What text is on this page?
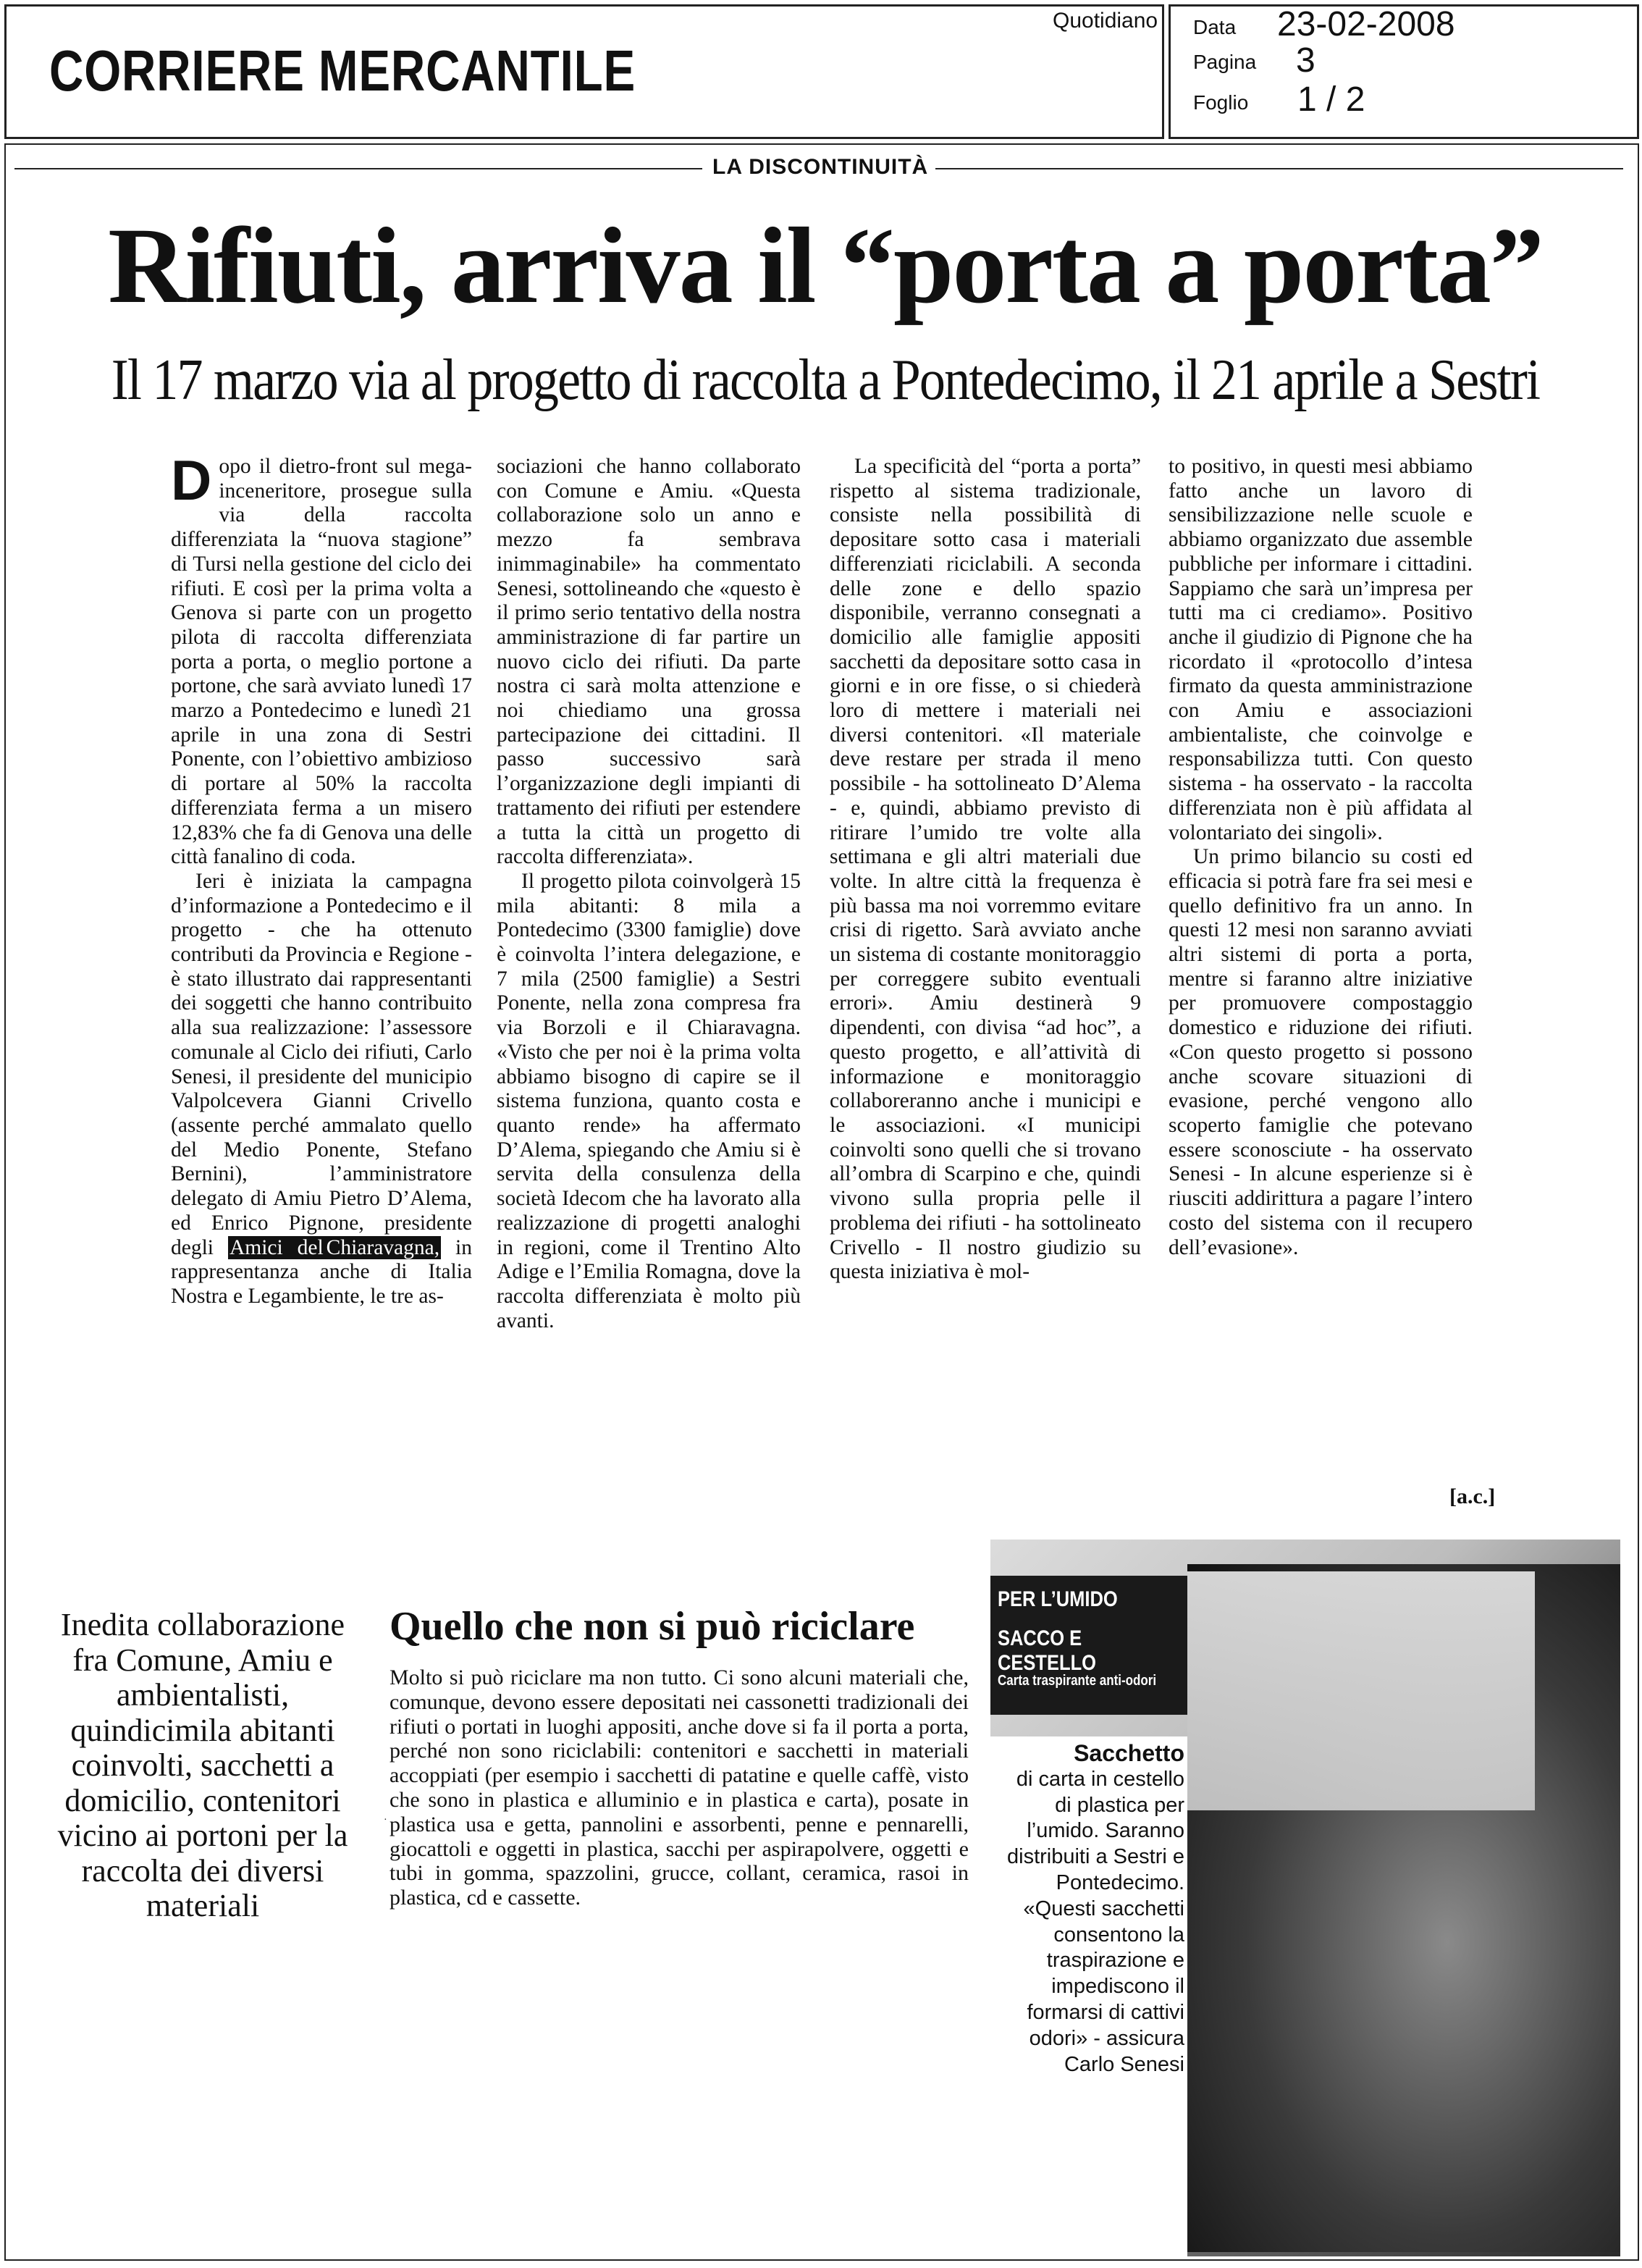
CORRIERE MERCANTILE
Quotidiano Data 23-02-2008
Pagina 3
Foglio 1 / 2
LA DISCONTINUITÀ
Rifiuti, arriva il “porta a porta”
Il 17 marzo via al progetto di raccolta a Pontedecimo, il 21 aprile a Sestri

Dopo il dietro-front sul mega-inceneritore, prosegue sulla via della raccolta differenziata la “nuova stagione” di Tursi nella gestione del ciclo dei rifiuti. E così per la prima volta a Genova si parte con un progetto pilota di raccolta differenziata porta a porta, o meglio portone a portone, che sarà avviato lunedì 17 marzo a Pontedecimo e lunedì 21 aprile in una zona di Sestri Ponente, con l’obiettivo ambizioso di portare al 50% la raccolta differenziata ferma a un misero 12,83% che fa di Genova una delle città fanalino di coda.

Ieri è iniziata la campagna d’informazione a Pontedecimo e il progetto - che ha ottenuto contributi da Provincia e Regione - è stato illustrato dai rappresentanti dei soggetti che hanno contribuito alla sua realizzazione: l’assessore comunale al Ciclo dei rifiuti, Carlo Senesi, il presidente del municipio Valpolcevera Gianni Crivello (assente perché ammalato quello del Medio Ponente, Stefano Bernini), l’amministratore delegato di Amiu Pietro D’Alema, ed Enrico Pignone, presidente degli Amici del Chiaravagna, in rappresentanza anche di Italia Nostra e Legambiente, le tre as-

sociazioni che hanno collaborato con Comune e Amiu. «Questa collaborazione solo un anno e mezzo fa sembrava inimmaginabile» ha commentato Senesi, sottolineando che «questo è il primo serio tentativo della nostra amministrazione di far partire un nuovo ciclo dei rifiuti. Da parte nostra ci sarà molta attenzione e noi chiediamo una grossa partecipazione dei cittadini. Il passo successivo sarà l’organizzazione degli impianti di trattamento dei rifiuti per estendere a tutta la città un progetto di raccolta differenziata».

Il progetto pilota coinvolgerà 15 mila abitanti: 8 mila a Pontedecimo (3300 famiglie) dove è coinvolta l’intera delegazione, e 7 mila (2500 famiglie) a Sestri Ponente, nella zona compresa fra via Borzoli e il Chiaravagna. «Visto che per noi è la prima volta abbiamo bisogno di capire se il sistema funziona, quanto costa e quanto rende» ha affermato D’Alema, spiegando che Amiu si è servita della consulenza della società Idecom che ha lavorato alla realizzazione di progetti analoghi in regioni, come il Trentino Alto Adige e l’Emilia Romagna, dove la raccolta differenziata è molto più avanti.

La specificità del “porta a porta” rispetto al sistema tradizionale, consiste nella possibilità di depositare sotto casa i materiali differenziati riciclabili. A seconda delle zone e dello spazio disponibile, verranno consegnati a domicilio alle famiglie appositi sacchetti da depositare sotto casa in giorni e in ore fisse, o si chiederà loro di mettere i materiali nei diversi contenitori. «Il materiale deve restare per strada il meno possibile - ha sottolineato D’Alema - e, quindi, abbiamo previsto di ritirare l’umido tre volte alla settimana e gli altri materiali due volte. In altre città la frequenza è più bassa ma noi vorremmo evitare crisi di rigetto. Sarà avviato anche un sistema di costante monitoraggio per correggere subito eventuali errori». Amiu destinerà 9 dipendenti, con divisa “ad hoc”, a questo progetto, e all’attività di informazione e monitoraggio collaboreranno anche i municipi e le associazioni. «I municipi coinvolti sono quelli che si trovano all’ombra di Scarpino e che, quindi vivono sulla propria pelle il problema dei rifiuti - ha sottolineato Crivello - Il nostro giudizio su questa iniziativa è mol-

to positivo, in questi mesi abbiamo fatto anche un lavoro di sensibilizzazione nelle scuole e abbiamo organizzato due assemble pubbliche per informare i cittadini. Sappiamo che sarà un’impresa per tutti ma ci crediamo». Positivo anche il giudizio di Pignone che ha ricordato il «protocollo d’intesa firmato da questa amministrazione con Amiu e associazioni ambientaliste, che coinvolge e responsabilizza tutti. Con questo sistema - ha osservato - la raccolta differenziata non è più affidata al volontariato dei singoli».

Un primo bilancio su costi ed efficacia si potrà fare fra sei mesi e quello definitivo fra un anno. In questi 12 mesi non saranno avviati altri sistemi di porta a porta, mentre si faranno altre iniziative per promuovere compostaggio domestico e riduzione dei rifiuti. «Con questo progetto si possono anche scovare situazioni di evasione, perché vengono allo scoperto famiglie che potevano essere sconosciute - ha osservato Senesi - In alcune esperienze si è riusciti addirittura a pagare l’intero costo del sistema con il recupero dell’evasione».

[a.c.]
Inedita collaborazione fra Comune, Amiu e ambientalisti, quindicimila abitanti coinvolti, sacchetti a domicilio, contenitori vicino ai portoni per la raccolta dei diversi materiali
·
Quello che non si può riciclare
Molto si può riciclare ma non tutto. Ci sono alcuni materiali che, comunque, devono essere depositati nei cassonetti tradizionali dei rifiuti o portati in luoghi appositi, anche dove si fa il porta a porta, perché non sono riciclabili: contenitori e sacchetti in materiali accoppiati (per esempio i sacchetti di patatine e quelle caffè, visto che sono in plastica e alluminio e in plastica e carta), posate in plastica usa e getta, pannolini e assorbenti, penne e pennarelli, giocattoli e oggetti in plastica, sacchi per aspirapolvere, oggetti e tubi in gomma, spazzolini, grucce, collant, ceramica, rasoi in plastica, cd e cassette.
PER L’UMIDO
SACCO E CESTELLO
Carta traspirante anti-odori
Sacchetto
di carta in cestello di plastica per l’umido. Saranno distribuiti a Sestri e Pontedecimo. «Questi sacchetti consentono la traspirazione e impediscono il formarsi di cattivi odori» - assicura Carlo Senesi
